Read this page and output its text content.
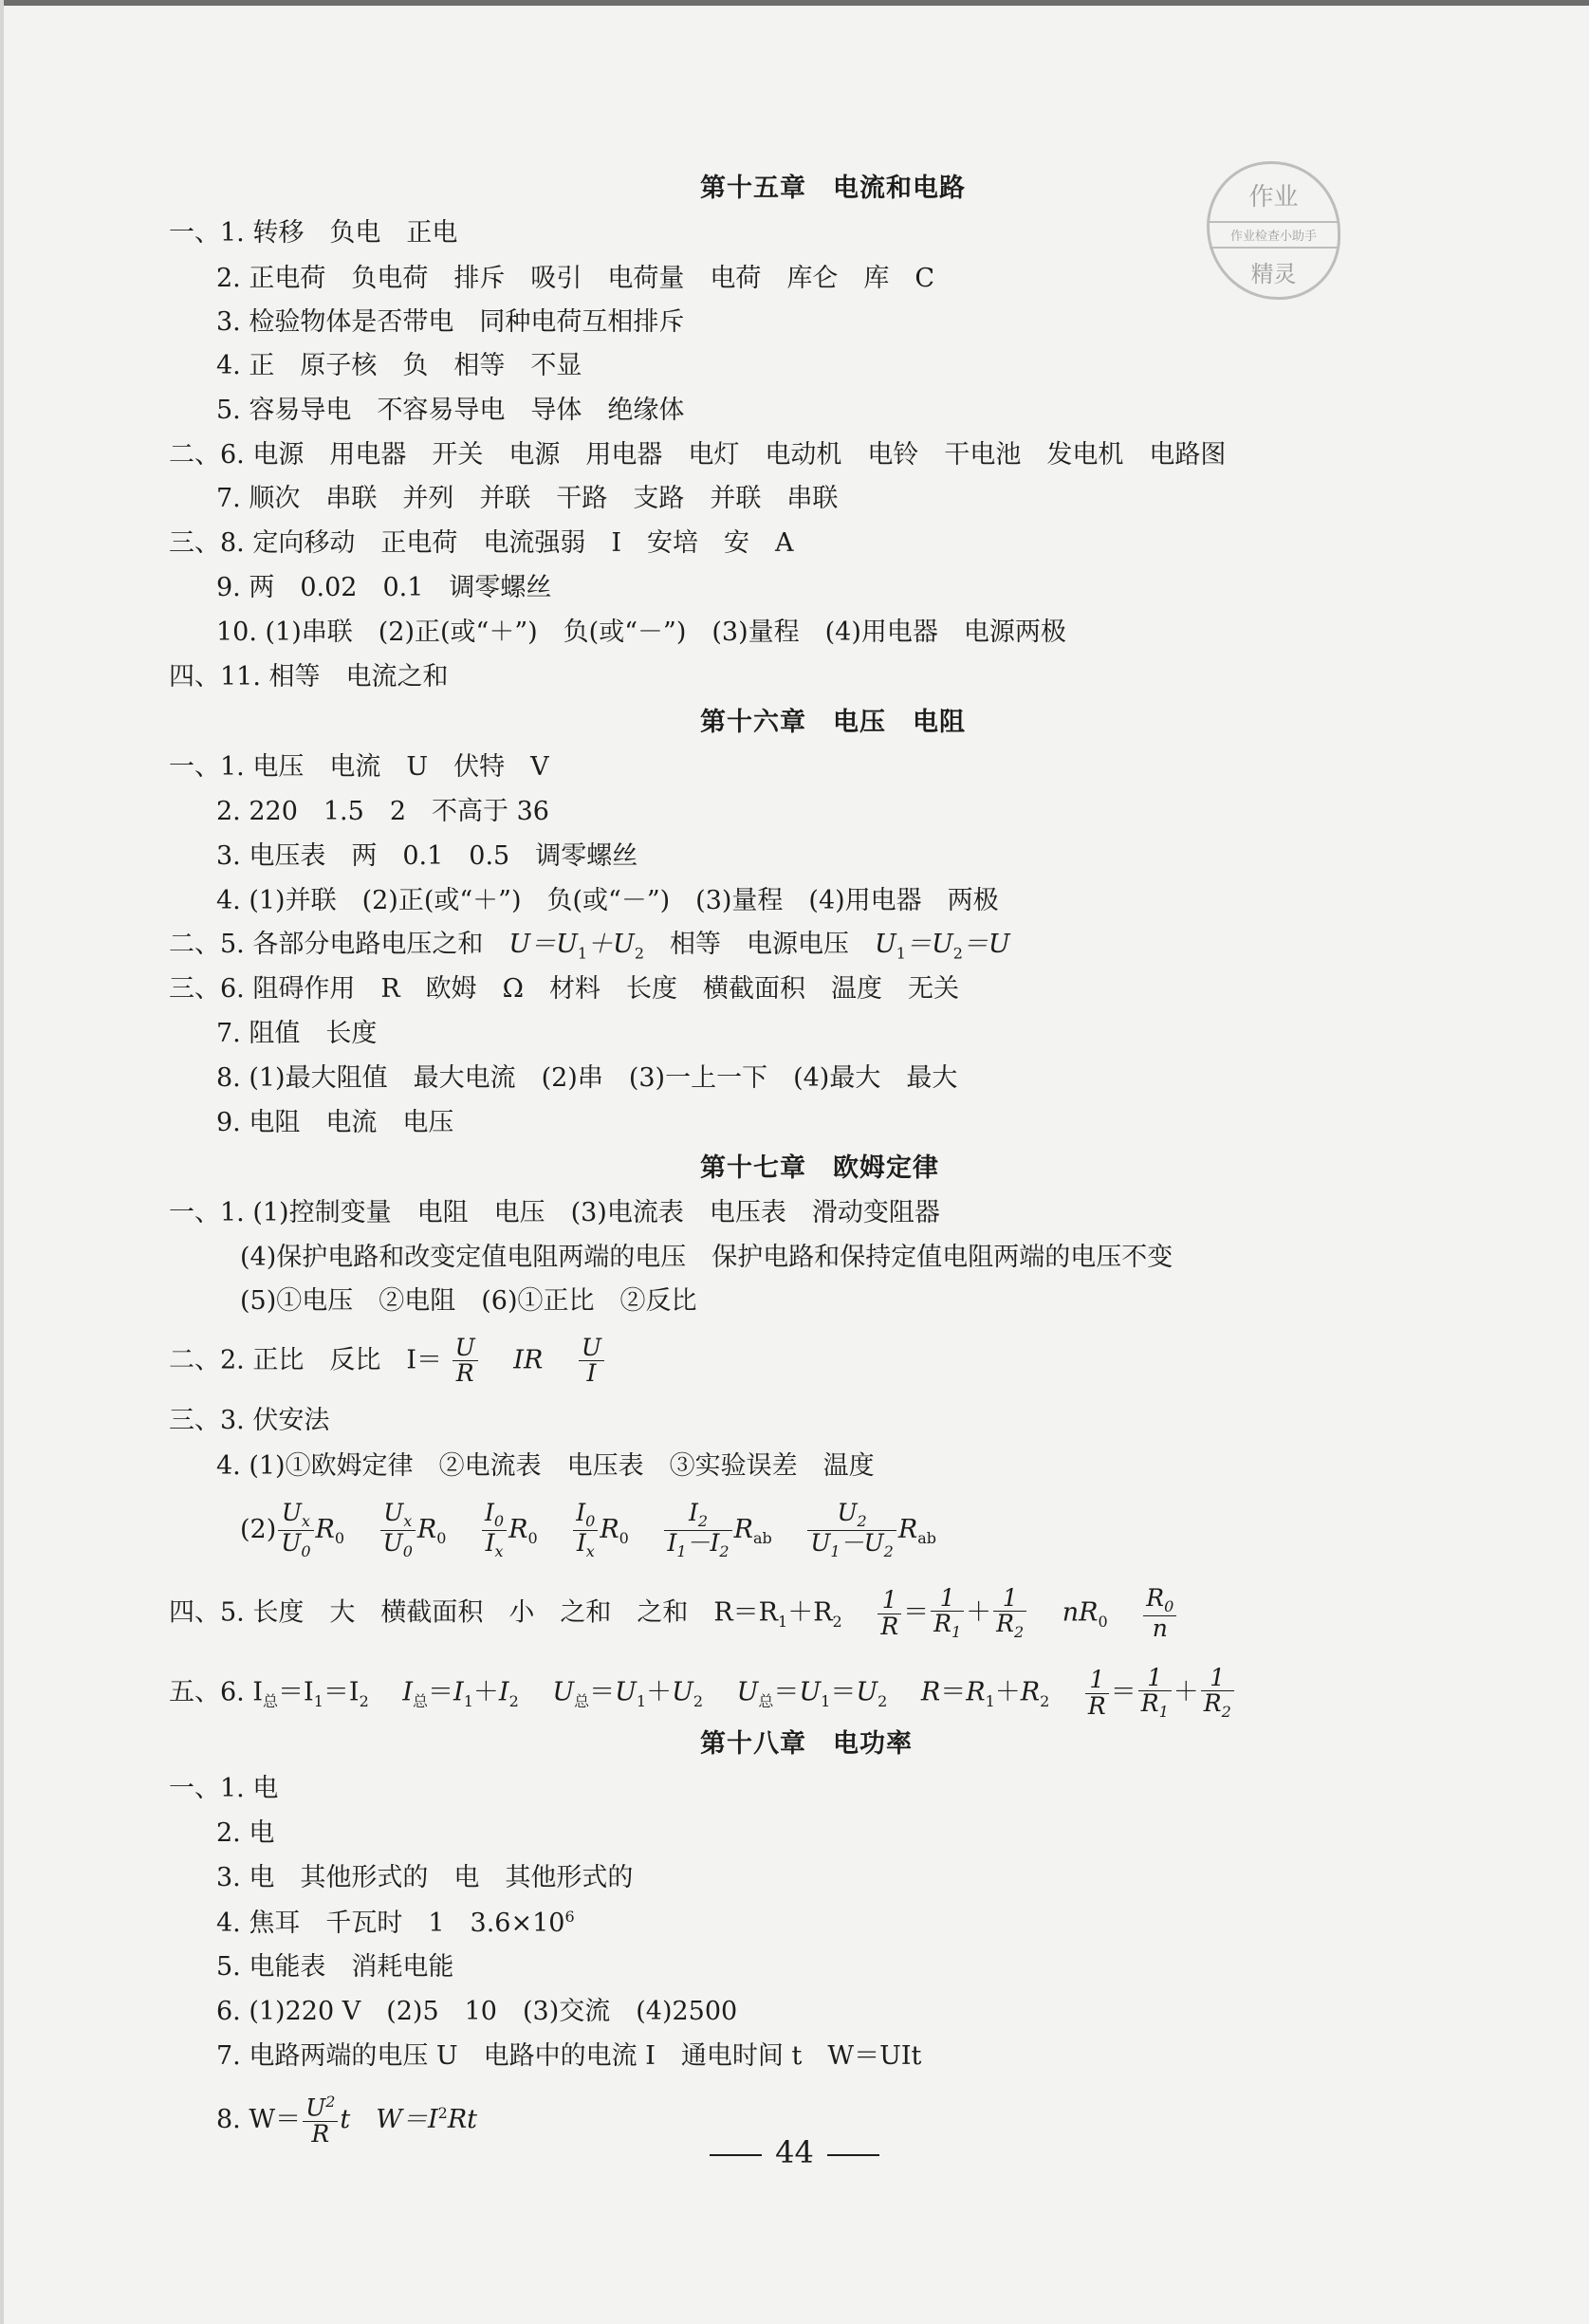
作业
作业检查小助手
精灵
第十五章　电流和电路
一、1. 转移　负电　正电
2. 正电荷　负电荷　排斥　吸引　电荷量　电荷　库仑　库　C
3. 检验物体是否带电　同种电荷互相排斥
4. 正　原子核　负　相等　不显
5. 容易导电　不容易导电　导体　绝缘体
二、6. 电源　用电器　开关　电源　用电器　电灯　电动机　电铃　干电池　发电机　电路图
7. 顺次　串联　并列　并联　干路　支路　并联　串联
三、8. 定向移动　正电荷　电流强弱　I　安培　安　A
9. 两　0.02　0.1　调零螺丝
10. (1)串联　(2)正(或“＋”)　负(或“－”)　(3)量程　(4)用电器　电源两极
四、11. 相等　电流之和
第十六章　电压　电阻
一、1. 电压　电流　U　伏特　V
2. 220　1.5　2　不高于 36
3. 电压表　两　0.1　0.5　调零螺丝
4. (1)并联　(2)正(或“＋”)　负(或“－”)　(3)量程　(4)用电器　两极
二、5. 各部分电路电压之和　$U=U_1+U_2$　相等　电源电压　$U_1=U_2=U$
三、6. 阻碍作用　R　欧姆　Ω　材料　长度　横截面积　温度　无关
7. 阻值　长度
8. (1)最大阻值　最大电流　(2)串　(3)一上一下　(4)最大　最大
9. 电阻　电流　电压
第十七章　欧姆定律
一、1. (1)控制变量　电阻　电压　(3)电流表　电压表　滑动变阻器
(4)保护电路和改变定值电阻两端的电压　保护电路和保持定值电阻两端的电压不变
(5)①电压　②电阻　(6)①正比　②反比
二、2. 正比　反比　$I= \frac{U}{R}$
　 IR　 $\frac{U}{I}$
三、3. 伏安法
4. (1)①欧姆定律　②电流表　电压表　③实验误差　温度
$(2) \frac{U_x}{U_0} R_0$　 $\frac{U_x}{U_0} R_0$　 $\frac{I_0}{I_x} R_0$　 $\frac{I_0}{I_x} R_0$　 $\frac{I_2}{I_1-I_2} R_{ab}$　 $\frac{U_2}{U_1-U_2} R_{ab}$
四、5. 长度　大　横截面积　小　之和　之和　$R=R_1+R_2$　 $\frac{1}{R} = \frac{1}{R_1} + \frac{1}{R_2}$
　 $nR_0$　 $\frac{R_0}{n}$
五、6. $I_总=I_1=I_2$　 $I_总=I_1+I_2$　 $U_总=U_1+U_2$　 $U_总=U_1=U_2$　 $R=R_1+R_2$　 $\frac{1}{R} = \frac{1}{R_1} + \frac{1}{R_2}$
第十八章　电功率
一、1. 电
2. 电
3. 电　其他形式的　电　其他形式的
4. 焦耳　千瓦时　1　$3.6\times 10^6$
5. 电能表　消耗电能
6. (1)220 V　(2)5　10　(3)交流　(4)2500
7. 电路两端的电压 U　电路中的电流 I　通电时间 t　W＝UIt
8. $W= \frac{U^2}{R}$ t　$W=I^2Rt$
44
